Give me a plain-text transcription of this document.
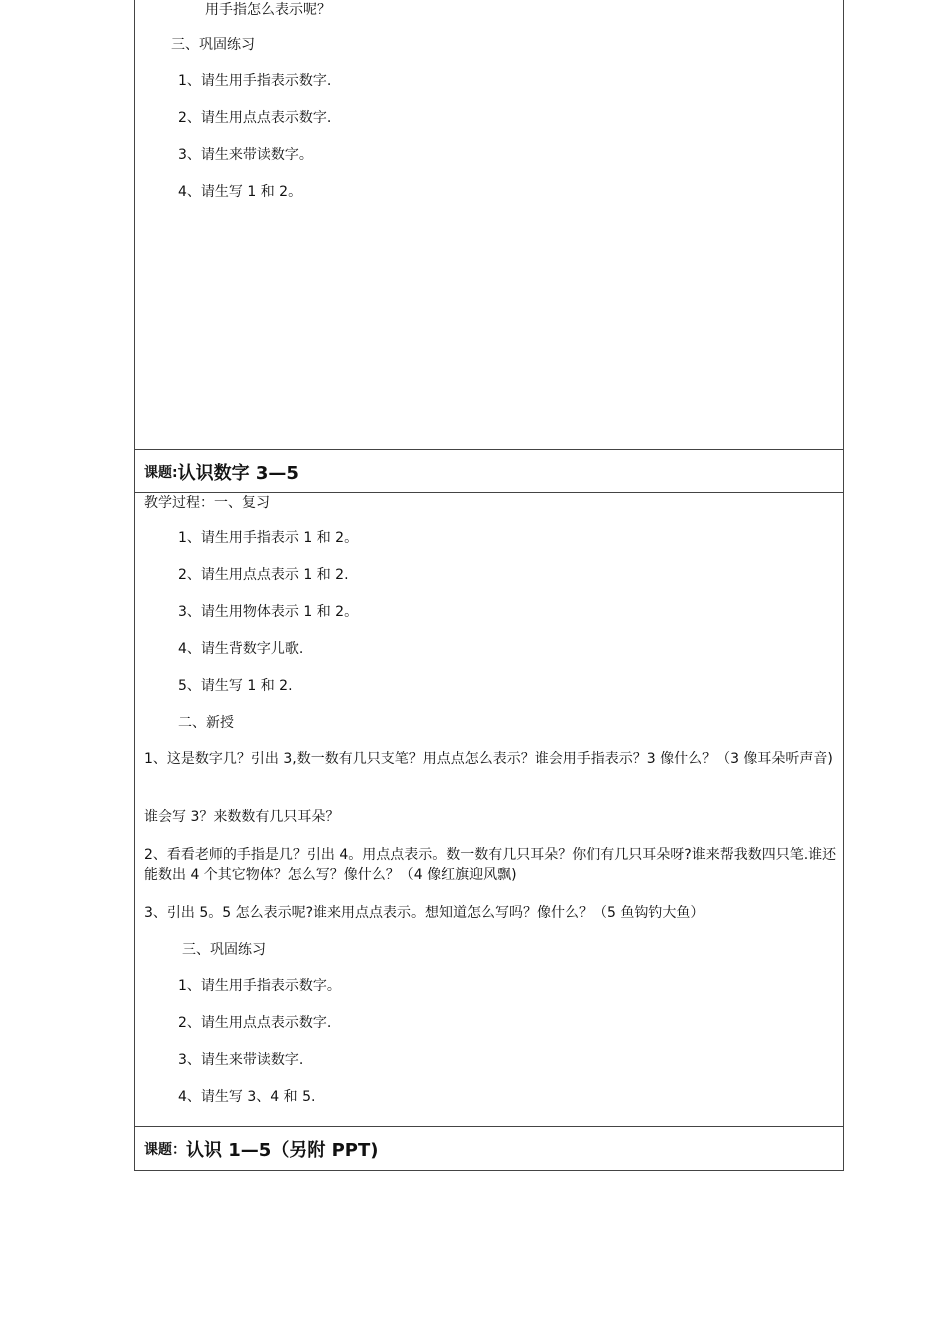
用手指怎么表示呢？
三、巩固练习
1、请生用手指表示数字.
2、请生用点点表示数字.
3、请生来带读数字。
4、请生写 1 和 2。
课题: 认识数字 3—5
教学过程：一、复习
1、请生用手指表示 1 和 2。
2、请生用点点表示 1 和 2.
3、请生用物体表示 1 和 2。
4、请生背数字儿歌.
5、请生写 1 和 2.
二、新授
1、这是数字几？引出 3,数一数有几只支笔？用点点怎么表示？谁会用手指表示？3 像什么？（3 像耳朵听声音)
谁会写 3？来数数有几只耳朵？
2、看看老师的手指是几？引出 4。用点点表示。数一数有几只耳朵？你们有几只耳朵呀?谁来帮我数四只笔.谁还能数出 4 个其它物体？怎么写？像什么？（4 像红旗迎风飘)
3、引出 5。5 怎么表示呢?谁来用点点表示。想知道怎么写吗？像什么？（5 鱼钩钓大鱼）
三、巩固练习
1、请生用手指表示数字。
2、请生用点点表示数字.
3、请生来带读数字.
4、请生写 3、4 和 5.
课题： 认识 1—5（另附 PPT)
